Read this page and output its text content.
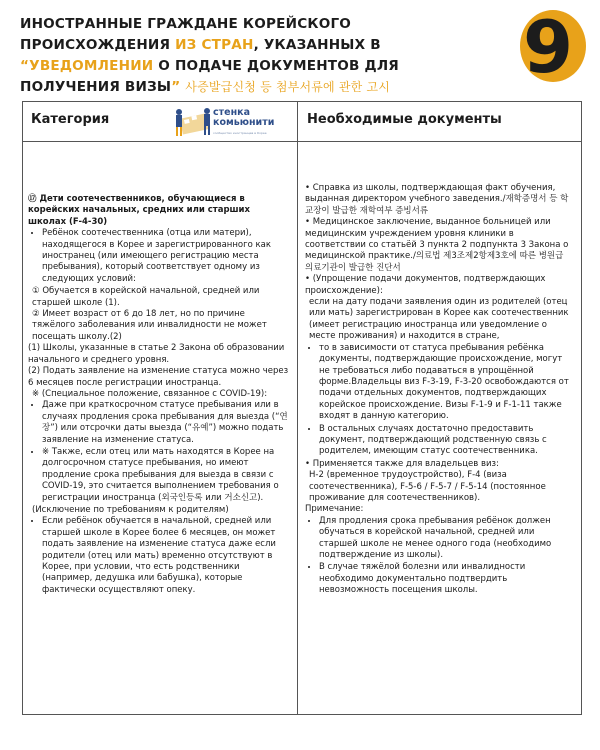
ИНОСТРАННЫЕ ГРАЖДАНЕ КОРЕЙСКОГО ПРОИСХОЖДЕНИЯ ИЗ СТРАН, УКАЗАННЫХ В “УВЕДОМЛЕНИИ О ПОДАЧЕ ДОКУМЕНТОВ ДЛЯ ПОЛУЧЕНИЯ ВИЗЫ” 사증발급신청 등 첨부서류에 관한 고시	9
Категория	Необходимые документы
стенка
комьюнити
сообщество иностранцев в Корее

⑰ Дети соотечественников, обучающиеся в корейских начальных, средних или старших школах (F-4-30)

• Ребёнок соотечественника (отца или матери), находящегося в Корее и зарегистрированного как иностранец (или имеющего регистрацию места пребывания), который соответствует одному из следующих условий:

① Обучается в корейской начальной, средней или старшей школе (1).

② Имеет возраст от 6 до 18 лет, но по причине тяжёлого заболевания или инвалидности не может посещать школу.(2)

(1) Школы, указанные в статье 2 Закона об образовании начального и среднего уровня.

(2) Подать заявление на изменение статуса можно через 6 месяцев после регистрации иностранца.

※ (Специальное положение, связанное с COVID-19):

• Даже при краткосрочном статусе пребывания или в случаях продления срока пребывания для выезда (“연장”) или отсрочки даты выезда (“유예”) можно подать заявление на изменение статуса.
• ※ Также, если отец или мать находятся в Корее на долгосрочном статусе пребывания, но имеют продление срока пребывания для выезда в связи с COVID-19, это считается выполнением требования о регистрации иностранца (외국인등록 или 거소신고).

(Исключение по требованиям к родителям)

• Если ребёнок обучается в начальной, средней или старшей школе в Корее более 6 месяцев, он может подать заявление на изменение статуса даже если родители (отец или мать) временно отсутствуют в Корее, при условии, что есть родственники (например, дедушка или бабушка), которые фактически осуществляют опеку.

• Справка из школы, подтверждающая факт обучения, выданная директором учебного заведения./재학증명서 등 학교장이 발급한 재학여부 증빙서류

• Медицинское заключение, выданное больницей или медицинским учреждением уровня клиники в соответствии со статьёй 3 пункта 2 подпункта 3 Закона о медицинской практике./의료법 제3조제2항제3호에 따른 병원급 의료기관이 발급한 진단서

• (Упрощение подачи документов, подтверждающих происхождение):

если на дату подачи заявления один из родителей (отец или мать) зарегистрирован в Корее как соотечественник (имеет регистрацию иностранца или уведомление о месте проживания) и находится в стране,

• то в зависимости от статуса пребывания ребёнка документы, подтверждающие происхождение, могут не требоваться либо подаваться в упрощённой форме.Владельцы виз F-3-19, F-3-20 освобождаются от подачи отдельных документов, подтверждающих корейское происхождение. Визы F-1-9 и F-1-11 также входят в данную категорию.
• В остальных случаях достаточно предоставить документ, подтверждающий родственную связь с родителем, имеющим статус соотечественника.

• Применяется также для владельцев виз:

H-2 (временное трудоустройство), F-4 (виза соотечественника), F-5-6 / F-5-7 / F-5-14 (постоянное проживание для соотечественников).

Примечание:

• Для продления срока пребывания ребёнок должен обучаться в корейской начальной, средней или старшей школе не менее одного года (необходимо подтверждение из школы).
• В случае тяжёлой болезни или инвалидности необходимо документально подтвердить невозможность посещения школы.
